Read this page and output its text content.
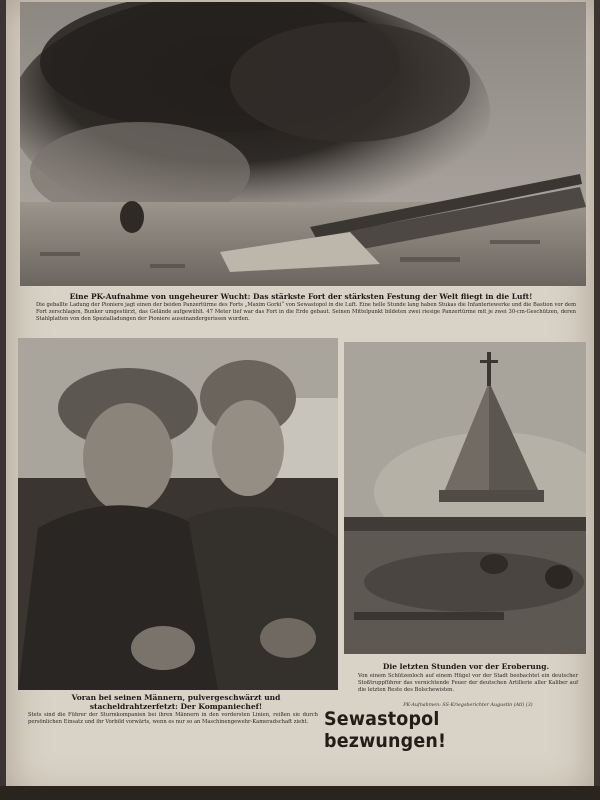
Eine PK-Aufnahme von ungeheurer Wucht: Das stärkste Fort der stärksten Festung der Welt fliegt in die Luft!
Die geballte Ladung der Pioniere jagt einen der beiden Panzertürme des Forts „Maxim Gorki“ von Sewastopol in die Luft. Eine helle Stunde lang haben Stukas die Infanteriewerke und die Bastion vor dem Fort zerschlagen, Bunker umgestürzt, das Gelände aufgewühlt. 47 Meter tief war das Fort in die Erde gebaut. Seinen Mittelpunkt bildeten zwei riesige Panzertürme mit je zwei 30-cm-Geschützen, deren Stahlplatten von den Spezialladungen der Pioniere auseinandergerissen wurden.
Voran bei seinen Männern, pulvergeschwärzt und stacheldrahtzerfetzt: Der Kompaniechef!
Stets sind die Führer der Sturmkompanien bei ihren Männern in den vordersten Linien, reißen sie durch persönlichen Einsatz und ihr Vorbild vorwärts, wenn es nur so an Maschinengewehr-Kameradschaft zieht.
Die letzten Stunden vor der Eroberung.
Von einem Schützenloch auf einem Hügel vor der Stadt beobachtet ein deutscher Stoßtruppführer das vernichtende Feuer der deutschen Artillerie aller Kaliber auf die letzten Reste des Bolschewisten.
PK-Aufnahmen: SS-Kriegsberichter Augustin (Atl) (3)
Sewastopol bezwungen!
